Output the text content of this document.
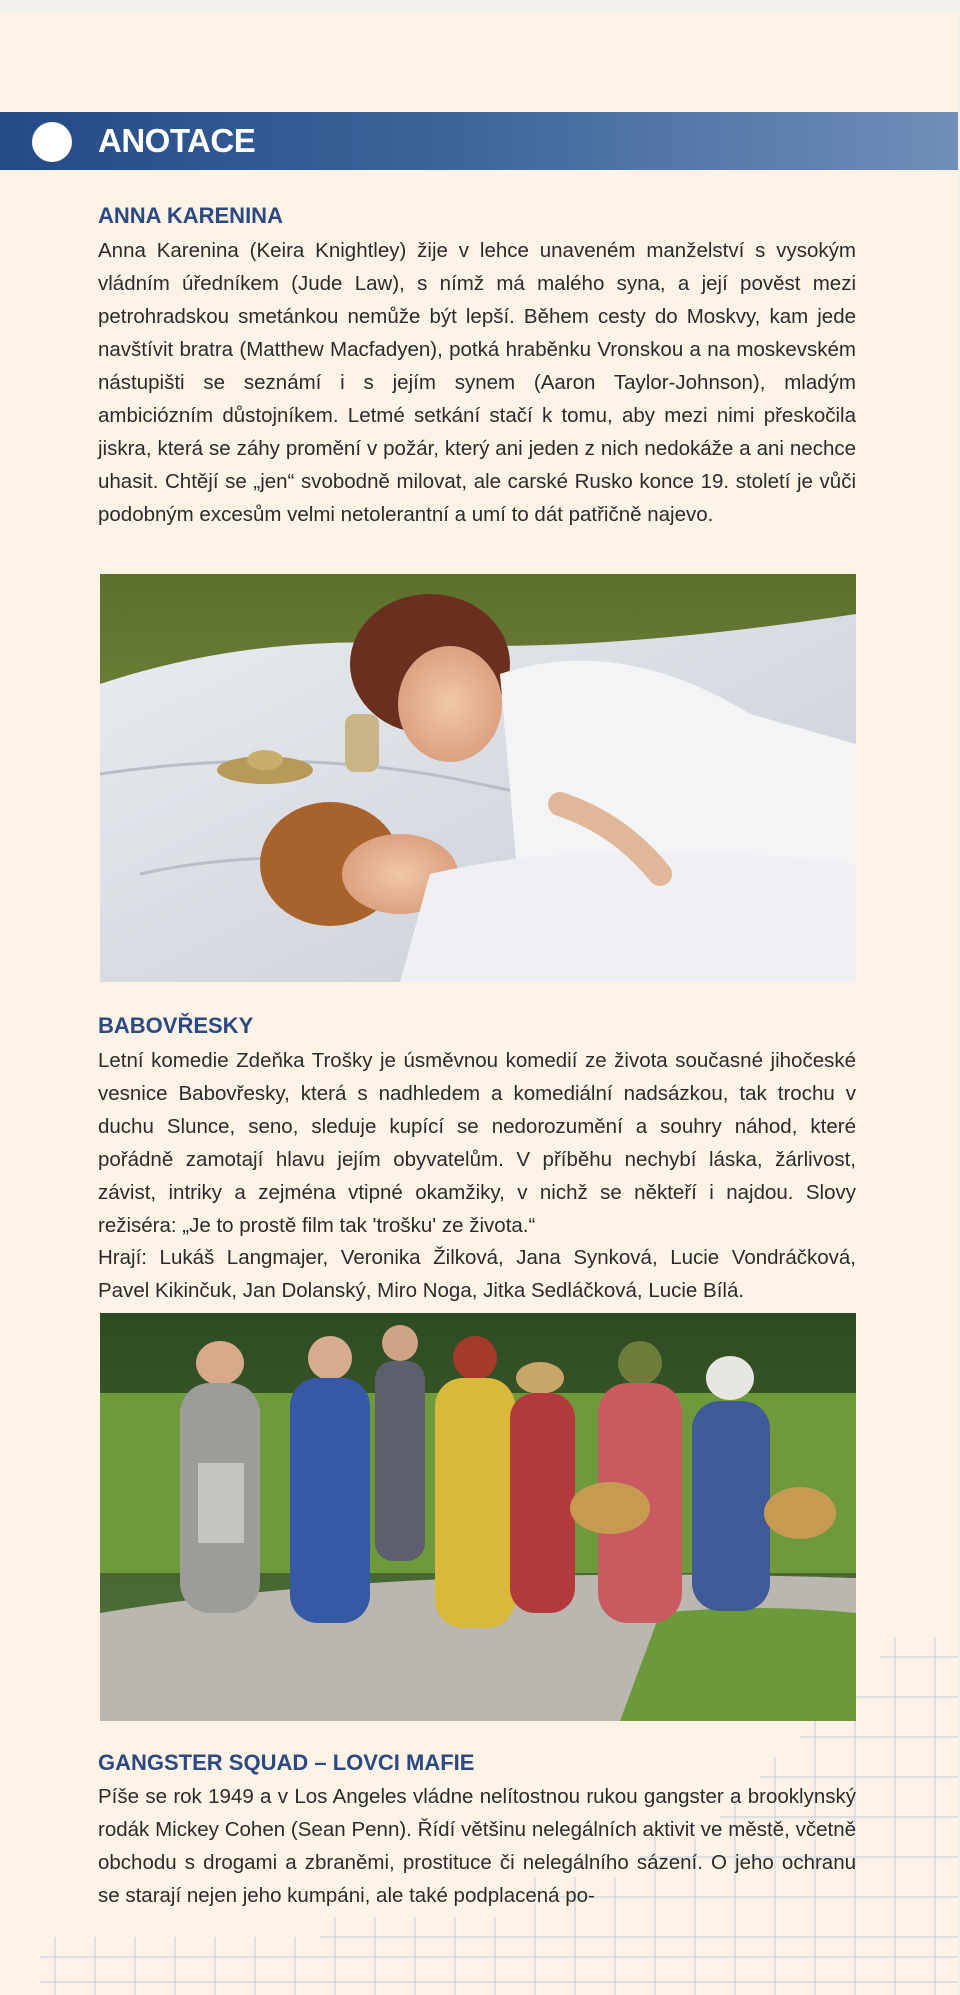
ANOTACE
ANNA KARENINA
Anna Karenina (Keira Knightley) žije v lehce unaveném manželství s vysokým vládním úředníkem (Jude Law), s nímž má malého syna, a její pověst mezi petrohradskou smetánkou nemůže být lepší. Během cesty do Moskvy, kam jede navštívit bratra (Matthew Macfadyen), potká hraběnku Vronskou a na moskevském nástupišti se seznámí i s jejím synem (Aaron Taylor-Johnson), mladým ambiciózním důstojníkem. Letmé setkání stačí k tomu, aby mezi nimi přeskočila jiskra, která se záhy promění v požár, který ani jeden z nich nedokáže a ani nechce uhasit. Chtějí se „jen“ svobodně milovat, ale carské Rusko konce 19. století je vůči podobným excesům velmi netolerantní a umí to dát patřičně najevo.
BABOVŘESKY
Letní komedie Zdeňka Trošky je úsměvnou komedií ze života současné jihočeské vesnice Babovřesky, která s nadhledem a komediální nadsázkou, tak trochu v duchu Slunce, seno, sleduje kupící se nedorozumění a souhry náhod, které pořádně zamotají hlavu jejím obyvatelům. V příběhu nechybí láska, žárlivost, závist, intriky a zejména vtipné okamžiky, v nichž se někteří i najdou. Slovy režiséra: „Je to prostě film tak 'trošku' ze života.“
Hrají: Lukáš Langmajer, Veronika Žilková, Jana Synková, Lucie Vondráčková, Pavel Kikinčuk, Jan Dolanský, Miro Noga, Jitka Sedláčková, Lucie Bílá.
GANGSTER SQUAD – LOVCI MAFIE
Píše se rok 1949 a v Los Angeles vládne nelítostnou rukou gangster a brooklynský rodák Mickey Cohen (Sean Penn). Řídí většinu nelegálních aktivit ve městě, včetně obchodu s drogami a zbraněmi, prostituce či nelegálního sázení. O jeho ochranu se starají nejen jeho kumpáni, ale také podplacená po-
